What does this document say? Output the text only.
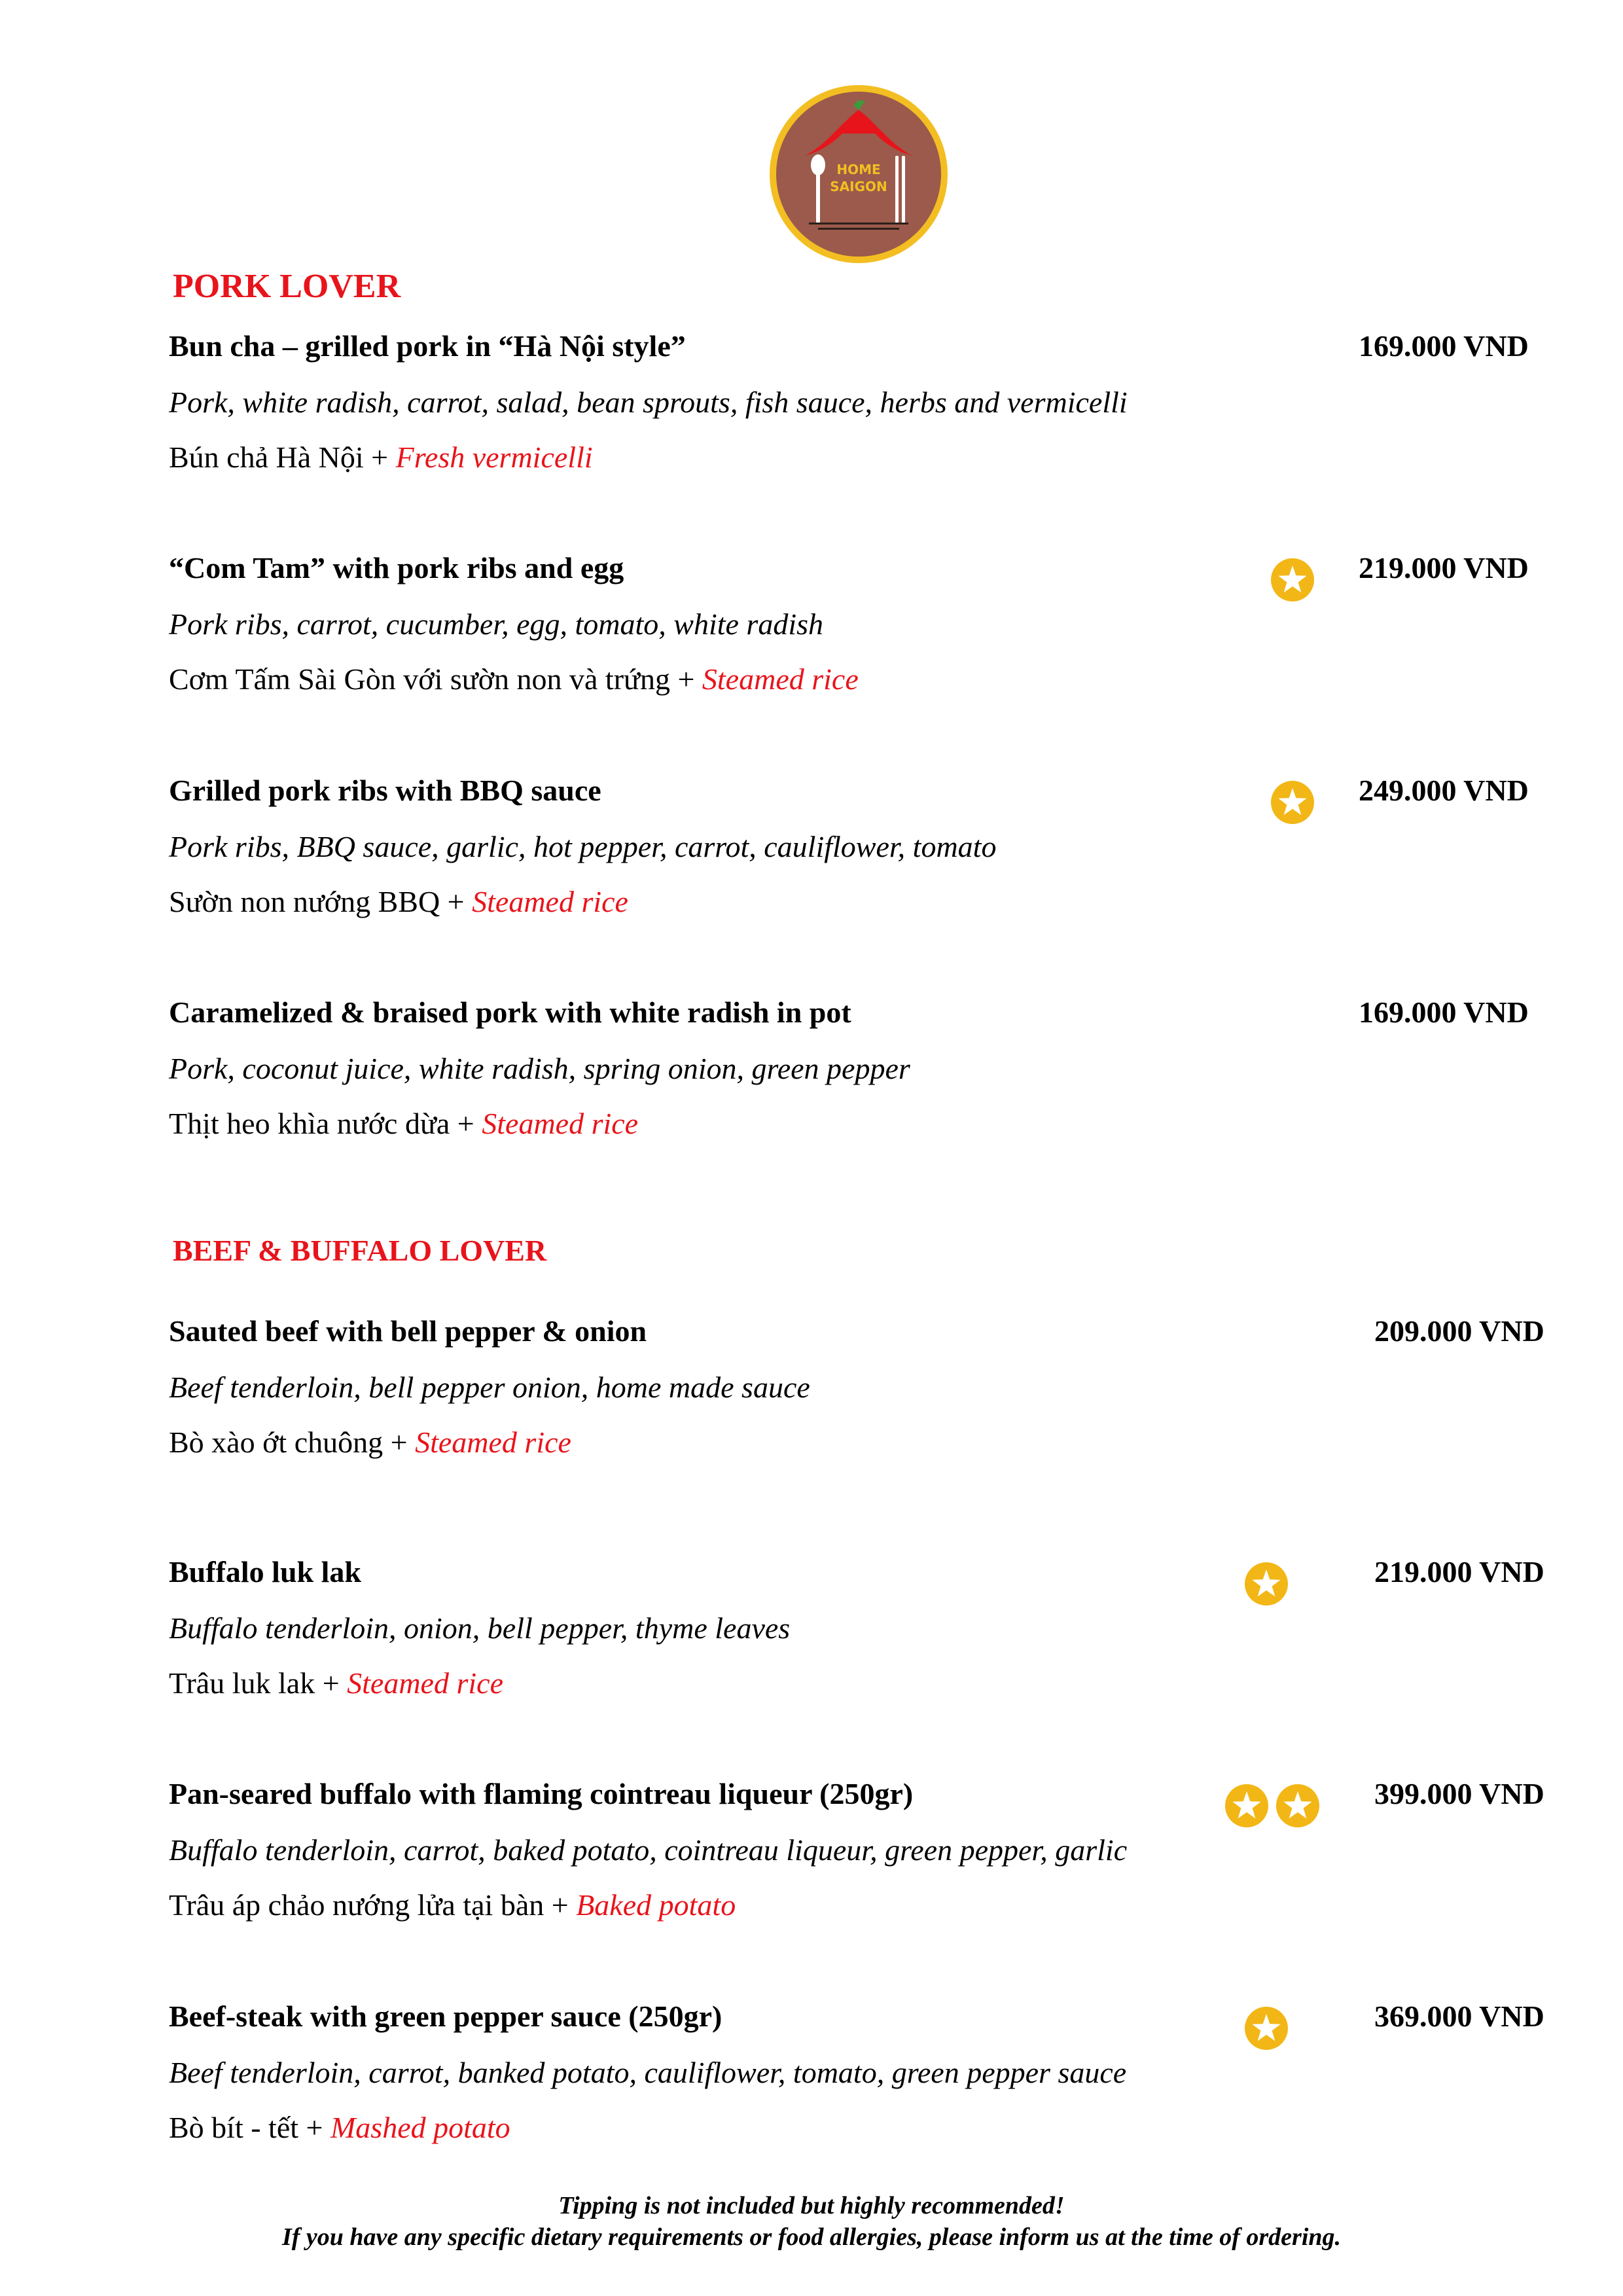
HOME
SAIGON
PORK LOVER
BEEF & BUFFALO LOVER

Bun cha – grilled pork in “Hà Nội style”

Pork, white radish, carrot, salad, bean sprouts, fish sauce, herbs and vermicelli

Bún chả Hà Nội + Fresh vermicelli

169.000 VND

“Com Tam” with pork ribs and egg

Pork ribs, carrot, cucumber, egg, tomato, white radish

Cơm Tấm Sài Gòn với sườn non và trứng + Steamed rice

219.000 VND

Grilled pork ribs with BBQ sauce

Pork ribs, BBQ sauce, garlic, hot pepper, carrot, cauliflower, tomato

Sườn non nướng BBQ + Steamed rice

249.000 VND

Caramelized & braised pork with white radish in pot

Pork, coconut juice, white radish, spring onion, green pepper

Thịt heo khìa nước dừa + Steamed rice

169.000 VND

Sauted beef with bell pepper & onion

Beef tenderloin, bell pepper onion, home made sauce

Bò xào ớt chuông + Steamed rice

209.000 VND

Buffalo luk lak

Buffalo tenderloin, onion, bell pepper, thyme leaves

Trâu luk lak + Steamed rice

219.000 VND

Pan-seared buffalo with flaming cointreau liqueur (250gr)

Buffalo tenderloin, carrot, baked potato, cointreau liqueur, green pepper, garlic

Trâu áp chảo nướng lửa tại bàn + Baked potato

399.000 VND

Beef-steak with green pepper sauce (250gr)

Beef tenderloin, carrot, banked potato, cauliflower, tomato, green pepper sauce

Bò bít - tết + Mashed potato

369.000 VND

Tipping is not included but highly recommended!

If you have any specific dietary requirements or food allergies, please inform us at the time of ordering.
